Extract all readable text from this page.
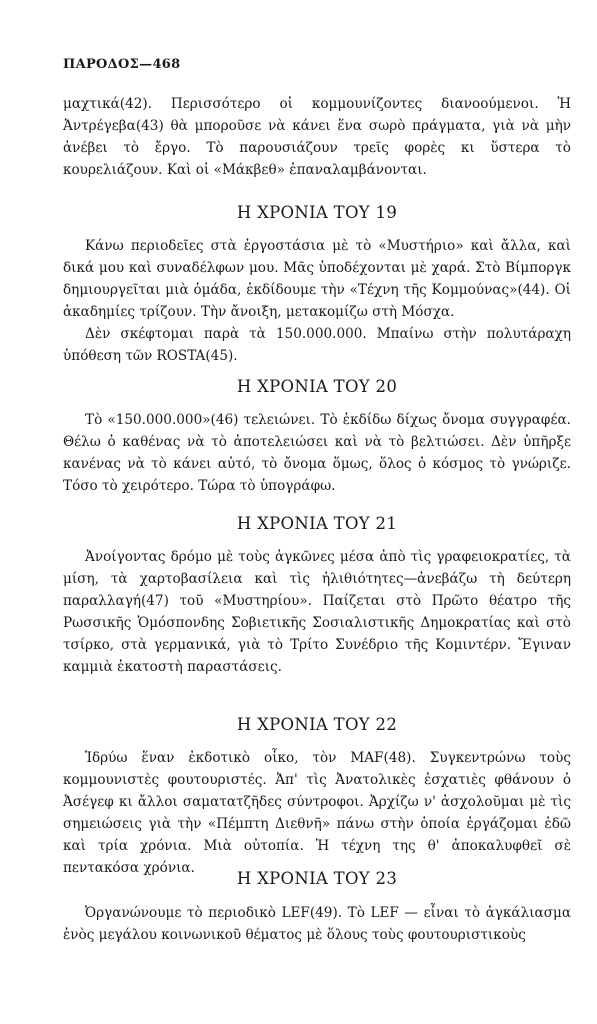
ΠΑΡΟΔΟΣ—468

μαχτικά(42). Περισσότερο οἱ κομμουνίζοντες διανοούμενοι. Ἡ Ἀντρέγεβα(43) θὰ μποροῦσε νὰ κάνει ἕνα σωρὸ πράγματα, γιὰ νὰ μὴν ἀνέβει τὸ ἔργο. Τὸ παρουσιάζουν τρεῖς φορὲς κι ὕστερα τὸ κουρελιάζουν. Καὶ οἱ «Μάκβεθ» ἐπαναλαμβάνονται.

Η ΧΡΟΝΙΑ ΤΟΥ 19

Κάνω περιοδεῖες στὰ ἐργοστάσια μὲ τὸ «Μυστήριο» καὶ ἄλλα, καὶ δικά μου καὶ συναδέλφων μου. Μᾶς ὑποδέχονται μὲ χαρά. Στὸ Βίμποργκ δημιουργεῖται μιὰ ὁμάδα, ἐκδίδουμε τὴν «Τέχνη τῆς Κομμούνας»(44). Οἱ ἀκαδημίες τρίζουν. Τὴν ἄνοιξη, μετακομίζω στὴ Μόσχα.

Δὲν σκέφτομαι παρὰ τὰ 150.000.000. Μπαίνω στὴν πολυτάραχη ὑπόθεση τῶν ROSTA(45).

Η ΧΡΟΝΙΑ ΤΟΥ 20

Τὸ «150.000.000»(46) τελειώνει. Τὸ ἐκδίδω δίχως ὄνομα συγγραφέα. Θέλω ὁ καθένας νὰ τὸ ἀποτελειώσει καὶ νὰ τὸ βελτιώσει. Δὲν ὑπῆρξε κανένας νὰ τὸ κάνει αὐτό, τὸ ὄνομα ὅμως, ὅλος ὁ κόσμος τὸ γνώριζε. Τόσο τὸ χειρότερο. Τώρα τὸ ὑπογράφω.

Η ΧΡΟΝΙΑ ΤΟΥ 21

Ἀνοίγοντας δρόμο μὲ τοὺς ἀγκῶνες μέσα ἀπὸ τὶς γραφειοκρατίες, τὰ μίση, τὰ χαρτοβασίλεια καὶ τὶς ἠλιθιότητες—ἀνεβάζω τὴ δεύτερη παραλλαγή(47) τοῦ «Μυστηρίου». Παίζεται στὸ Πρῶτο θέατρο τῆς Ρωσσικῆς Ὁμόσπονδης Σοβιετικῆς Σοσιαλιστικῆς Δημοκρατίας καὶ στὸ τσίρκο, στὰ γερμανικά, γιὰ τὸ Τρίτο Συνέδριο τῆς Κομιντέρν. Ἔγιναν καμμιὰ ἑκατοστὴ παραστάσεις.

Η ΧΡΟΝΙΑ ΤΟΥ 22

Ἱδρύω ἕναν ἐκδοτικὸ οἶκο, τὸν MAF(48). Συγκεντρώνω τοὺς κομμουνιστὲς φουτουριστές. Ἀπ' τὶς Ἀνατολικὲς ἐσχατιὲς φθάνουν ὁ Ἀσέγεφ κι ἄλλοι σαματατζῆδες σύντροφοι. Ἀρχίζω ν' ἀσχολοῦμαι μὲ τὶς σημειώσεις γιὰ τὴν «Πέμπτη Διεθνῆ» πάνω στὴν ὁποία ἐργάζομαι ἐδῶ καὶ τρία χρόνια. Μιὰ οὐτοπία. Ἡ τέχνη της θ' ἀποκαλυφθεῖ σὲ πεντακόσα χρόνια.

Η ΧΡΟΝΙΑ ΤΟΥ 23

Ὀργανώνουμε τὸ περιοδικὸ LEF(49). Τὸ LEF — εἶναι τὸ ἀγκάλιασμα ἑνὸς μεγάλου κοινωνικοῦ θέματος μὲ ὅλους τοὺς φουτουριστικοὺς
